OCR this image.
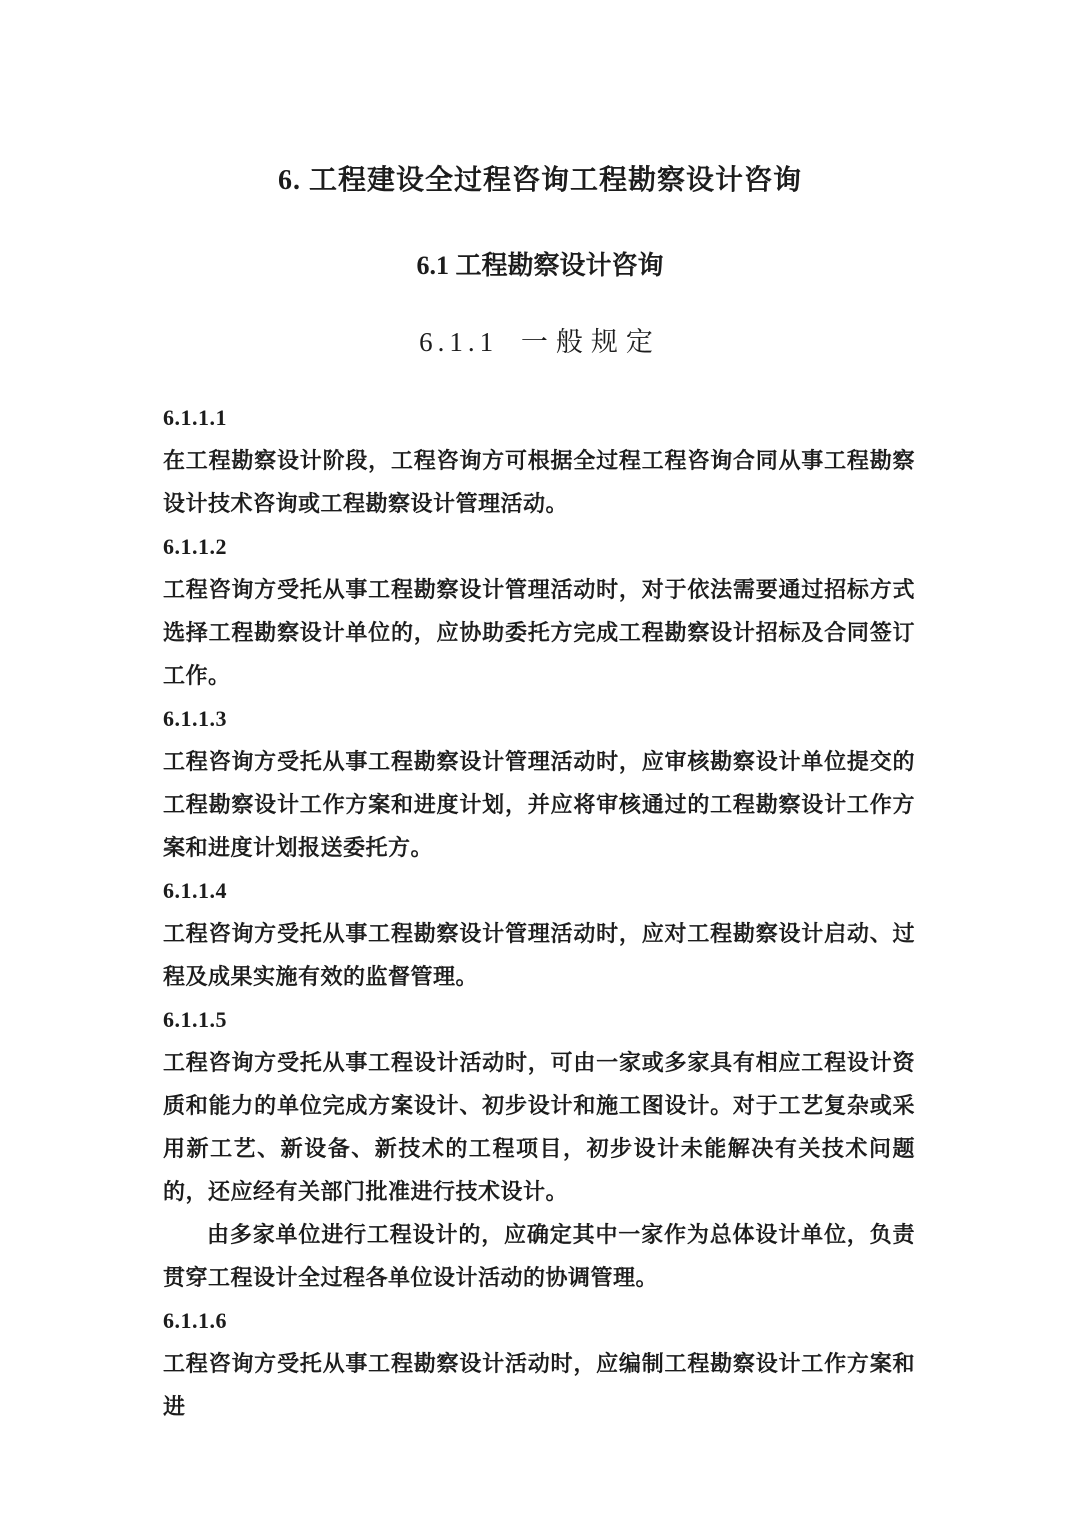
6. 工程建设全过程咨询工程勘察设计咨询
6.1 工程勘察设计咨询
6.1.1 一般规定
6.1.1.1

在工程勘察设计阶段，工程咨询方可根据全过程工程咨询合同从事工程勘察设计技术咨询或工程勘察设计管理活动。

6.1.1.2

工程咨询方受托从事工程勘察设计管理活动时，对于依法需要通过招标方式选择工程勘察设计单位的，应协助委托方完成工程勘察设计招标及合同签订工作。

6.1.1.3

工程咨询方受托从事工程勘察设计管理活动时，应审核勘察设计单位提交的工程勘察设计工作方案和进度计划，并应将审核通过的工程勘察设计工作方案和进度计划报送委托方。

6.1.1.4

工程咨询方受托从事工程勘察设计管理活动时，应对工程勘察设计启动、过程及成果实施有效的监督管理。

6.1.1.5

工程咨询方受托从事工程设计活动时，可由一家或多家具有相应工程设计资质和能力的单位完成方案设计、初步设计和施工图设计。对于工艺复杂或采用新工艺、新设备、新技术的工程项目，初步设计未能解决有关技术问题的，还应经有关部门批准进行技术设计。

由多家单位进行工程设计的，应确定其中一家作为总体设计单位，负责贯穿工程设计全过程各单位设计活动的协调管理。

6.1.1.6

工程咨询方受托从事工程勘察设计活动时，应编制工程勘察设计工作方案和进
